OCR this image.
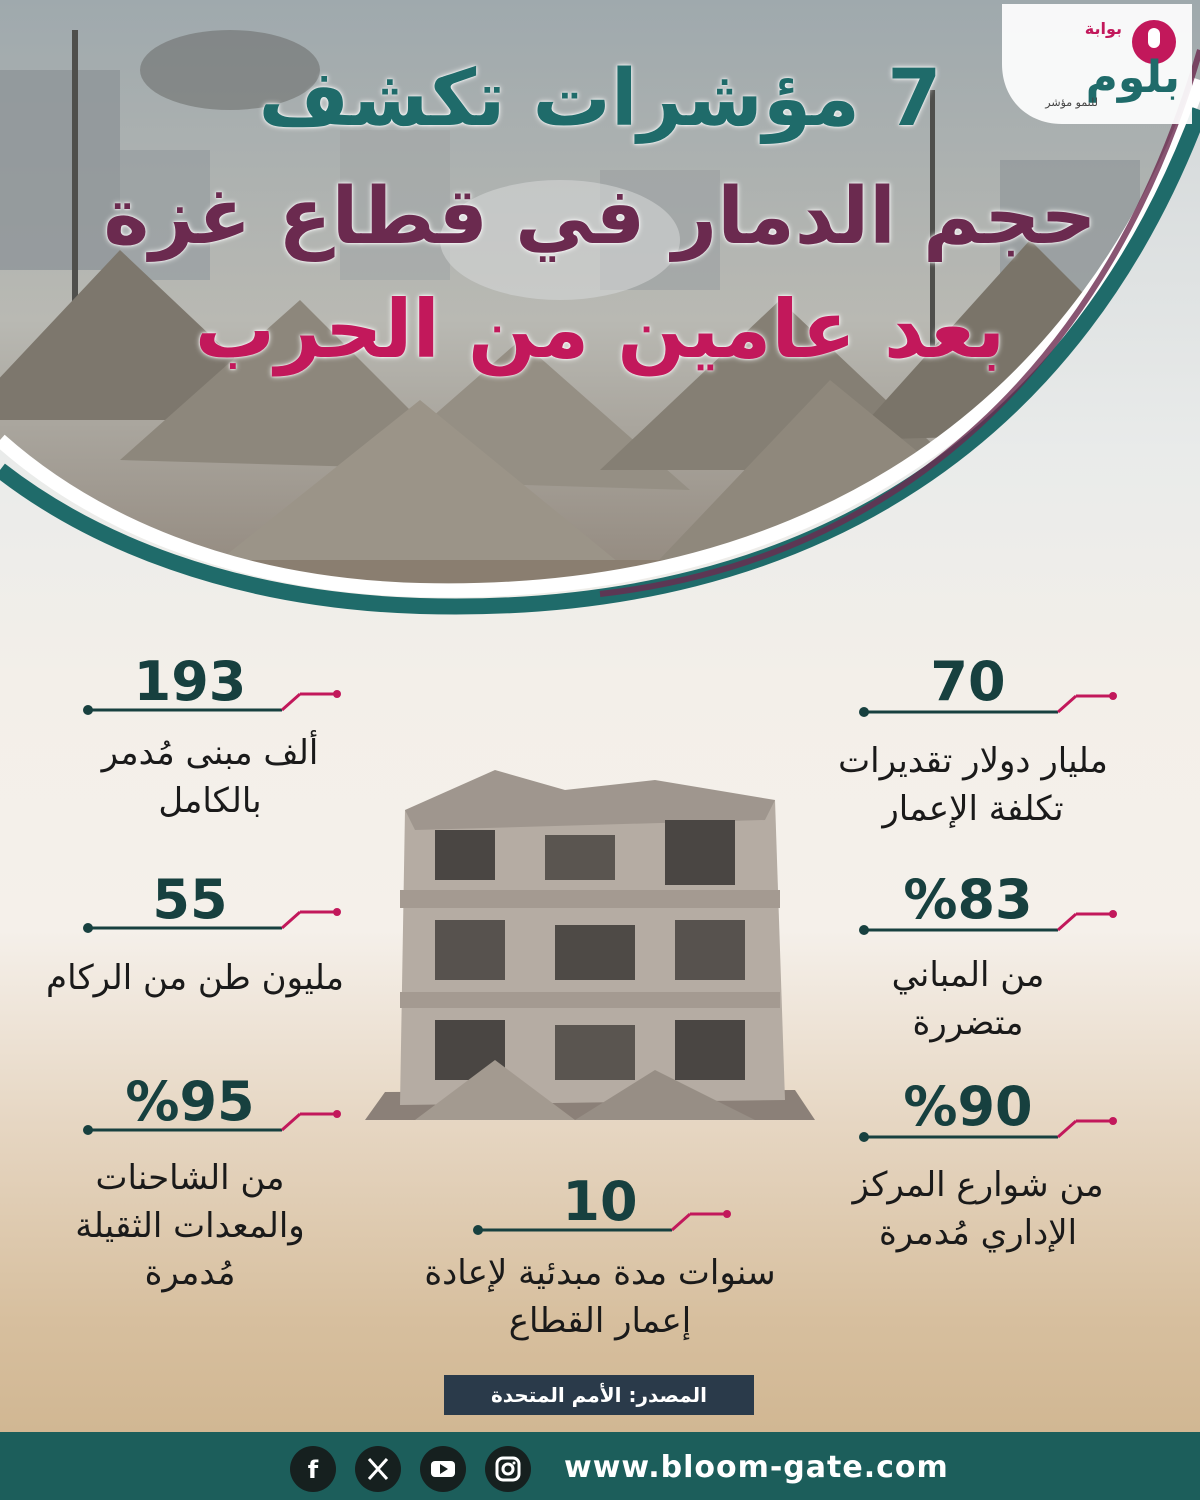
بوابة
بلوم
للنمو مؤشر
7 مؤشرات تكشف
حجم الدمار في قطاع غزة
بعد عامين من الحرب
70
مليار دولار تقديرات
تكلفة الإعمار
%83
من المباني
متضررة
%90
من شوارع المركز
الإداري مُدمرة
193
ألف مبنى مُدمر
بالكامل
55
مليون طن من الركام
%95
من الشاحنات
والمعدات الثقيلة
مُدمرة
10
سنوات مدة مبدئية لإعادة
إعمار القطاع
المصدر: الأمم المتحدة
f	www.bloom-gate.com
